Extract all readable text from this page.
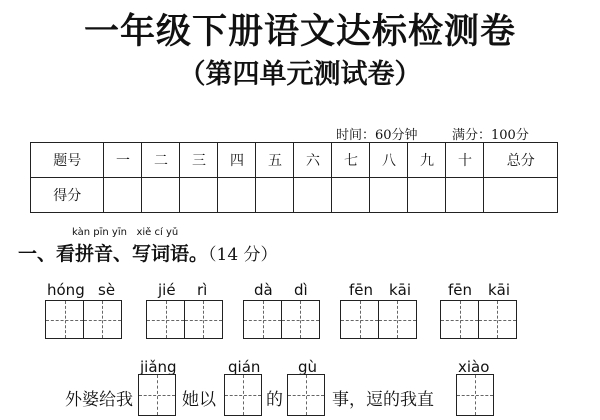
一年级下册语文达标检测卷
（第四单元测试卷）
时间：60分钟	满分：100分
题号	一	二	三	四	五	六	七	八	九	十	总分
得分											
kàn pīn yīn   xiě cí yǔ
一、看拼音、写词语。（14 分）
hóng sè	jié rì	dà dì	fēn kāi fēn kāi
jiǎng	qián	gù	xiào
外婆给我	她以	的	事，逗的我直
